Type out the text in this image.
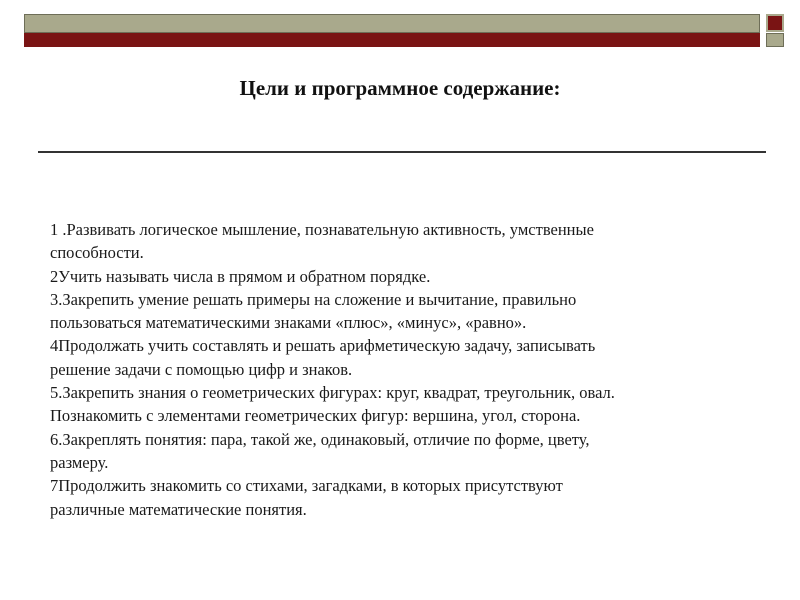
Цели и программное содержание:
1 .Развивать логическое мышление, познавательную активность, умственные
способности.
2Учить называть числа в прямом и обратном порядке.
3.Закрепить умение решать примеры на сложение и вычитание, правильно
пользоваться математическими знаками «плюс», «минус», «равно».
4Продолжать учить составлять и решать арифметическую задачу, записывать
решение задачи с помощью цифр и знаков.
5.Закрепить знания о геометрических фигурах: круг, квадрат, треугольник, овал.
Познакомить с элементами геометрических фигур: вершина, угол, сторона.
6.Закреплять понятия: пара, такой же, одинаковый, отличие по форме, цвету,
размеру.
7Продолжить знакомить со стихами, загадками, в которых присутствуют
различные математические понятия.
